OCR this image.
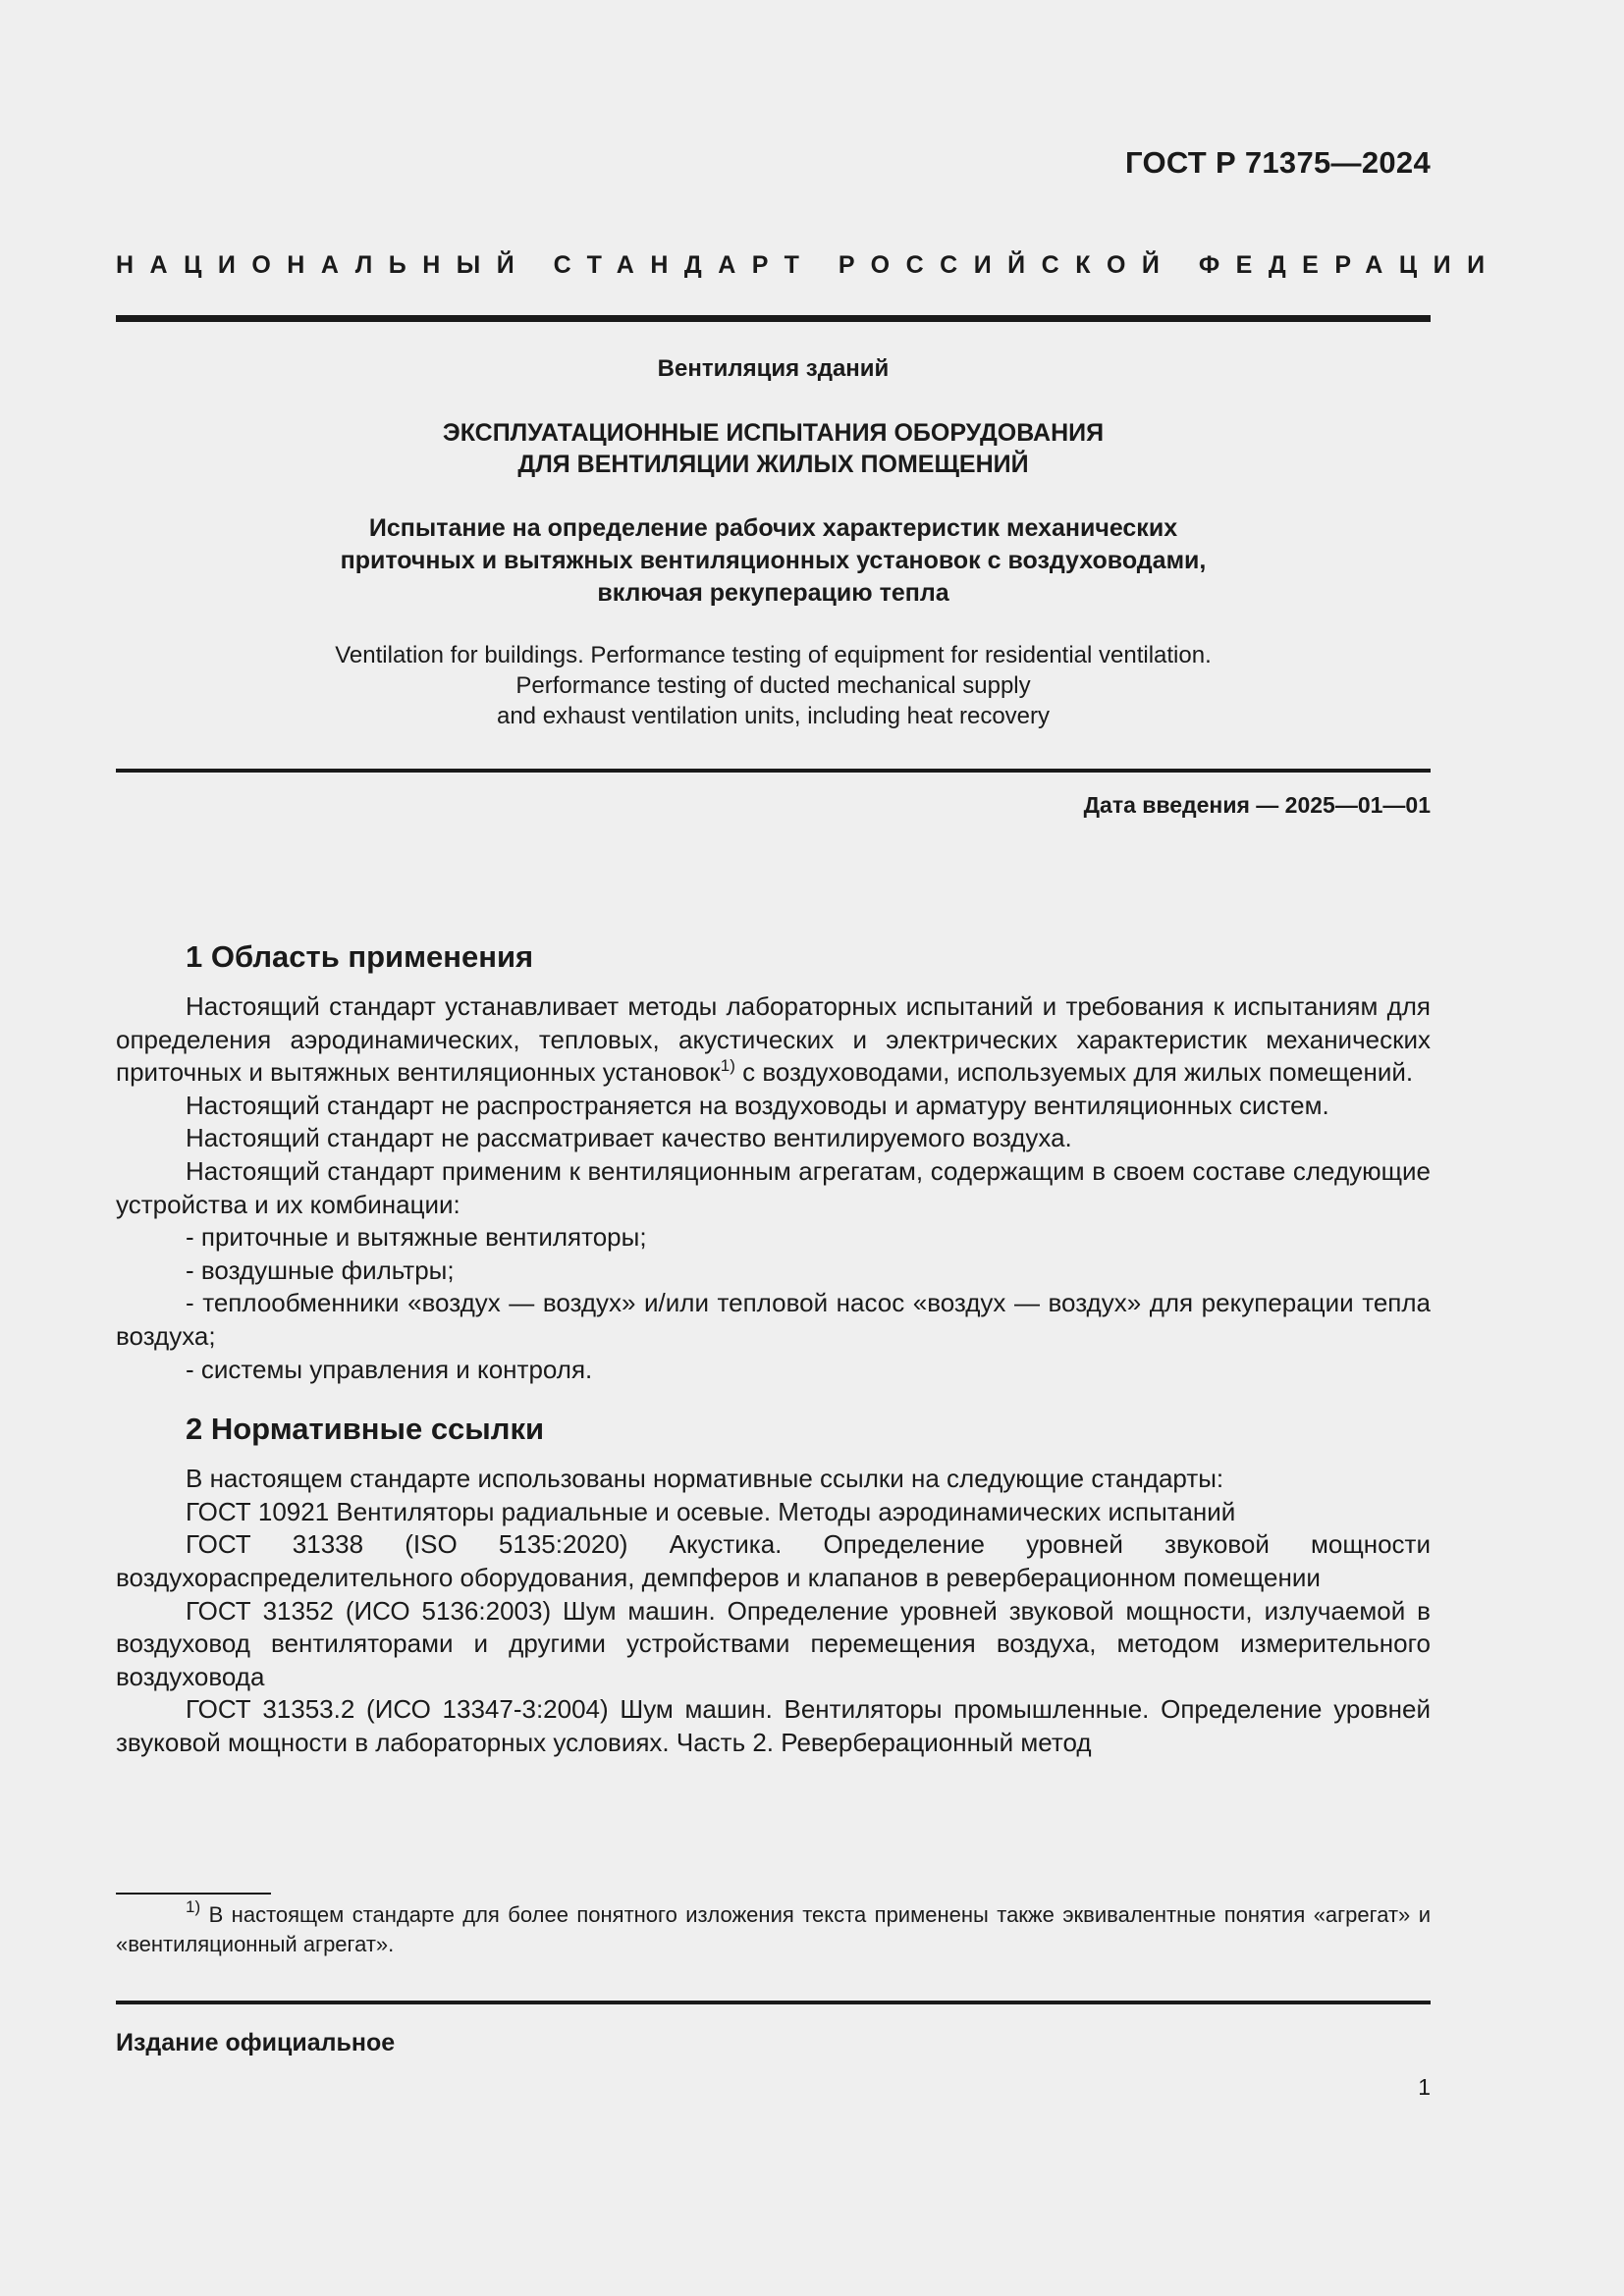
ГОСТ Р 71375—2024
НАЦИОНАЛЬНЫЙ СТАНДАРТ РОССИЙСКОЙ ФЕДЕРАЦИИ
Вентиляция зданий
ЭКСПЛУАТАЦИОННЫЕ ИСПЫТАНИЯ ОБОРУДОВАНИЯ
ДЛЯ ВЕНТИЛЯЦИИ ЖИЛЫХ ПОМЕЩЕНИЙ
Испытание на определение рабочих характеристик механических
приточных и вытяжных вентиляционных установок с воздуховодами,
включая рекуперацию тепла
Ventilation for buildings. Performance testing of equipment for residential ventilation.
Performance testing of ducted mechanical supply
and exhaust ventilation units, including heat recovery
Дата введения — 2025—01—01
1 Область применения

Настоящий стандарт устанавливает методы лабораторных испытаний и требования к испытаниям для определения аэродинамических, тепловых, акустических и электрических характеристик механических приточных и вытяжных вентиляционных установок$^{1)}$ с воздуховодами, используемых для жилых помещений.

Настоящий стандарт не распространяется на воздуховоды и арматуру вентиляционных систем.

Настоящий стандарт не рассматривает качество вентилируемого воздуха.

Настоящий стандарт применим к вентиляционным агрегатам, содержащим в своем составе следующие устройства и их комбинации:

- приточные и вытяжные вентиляторы;

- воздушные фильтры;

- теплообменники «воздух — воздух» и/или тепловой насос «воздух — воздух» для рекуперации тепла воздуха;

- системы управления и контроля.

2 Нормативные ссылки

В настоящем стандарте использованы нормативные ссылки на следующие стандарты:

ГОСТ 10921 Вентиляторы радиальные и осевые. Методы аэродинамических испытаний

ГОСТ 31338 (ISO 5135:2020) Акустика. Определение уровней звуковой мощности воздухораспределительного оборудования, демпферов и клапанов в реверберационном помещении

ГОСТ 31352 (ИСО 5136:2003) Шум машин. Определение уровней звуковой мощности, излучаемой в воздуховод вентиляторами и другими устройствами перемещения воздуха, методом измерительного воздуховода

ГОСТ 31353.2 (ИСО 13347-3:2004) Шум машин. Вентиляторы промышленные. Определение уровней звуковой мощности в лабораторных условиях. Часть 2. Реверберационный метод

$^{1)}$ В настоящем стандарте для более понятного изложения текста применены также эквивалентные понятия «агрегат» и «вентиляционный агрегат».

Издание официальное
1
